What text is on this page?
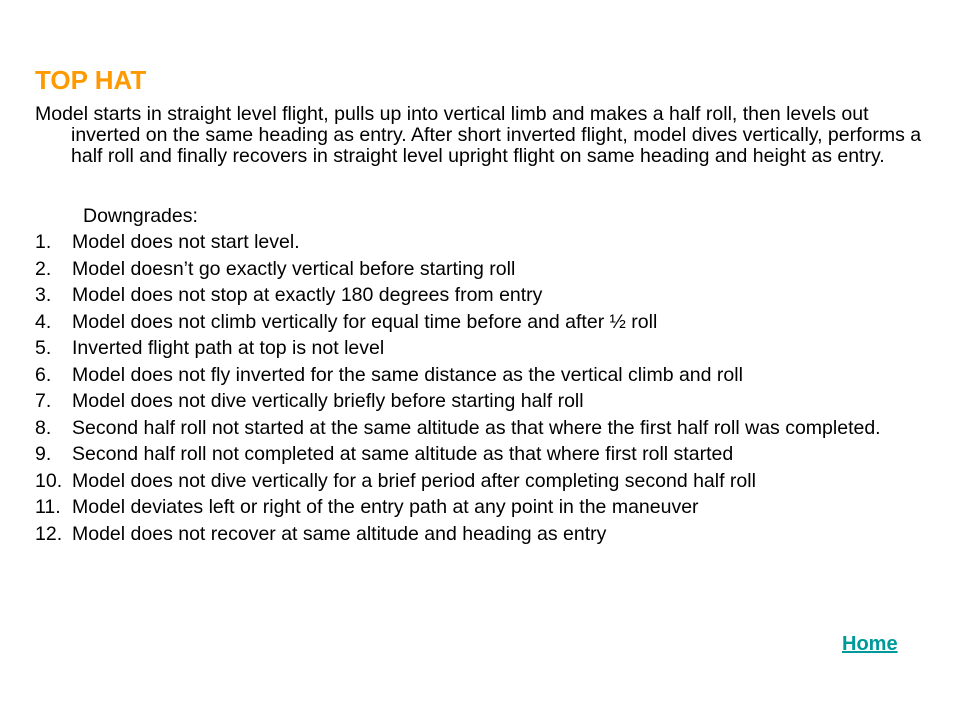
TOP HAT
Model starts in straight level flight, pulls up into vertical limb and makes a half roll, then levels out inverted on the same heading as entry. After short inverted flight, model dives vertically, performs a half roll and finally recovers in straight level upright flight on same heading and height as entry.
Downgrades:
1. Model does not start level.
2. Model doesn’t go exactly vertical before starting roll
3. Model does not stop at exactly 180 degrees from entry
4. Model does not climb vertically for equal time before and after ½ roll
5. Inverted flight path at top is not level
6. Model does not fly inverted for the same distance as the vertical climb and roll
7. Model does not dive vertically briefly before starting half roll
8. Second half roll not started at the same altitude as that where the first half roll was completed.
9. Second half roll not completed at same altitude as that where first roll started
10. Model does not dive vertically for a brief period after completing second half roll
11. Model deviates left or right of the entry path at any point in the maneuver
12. Model does not recover at same altitude and heading as entry
Home
